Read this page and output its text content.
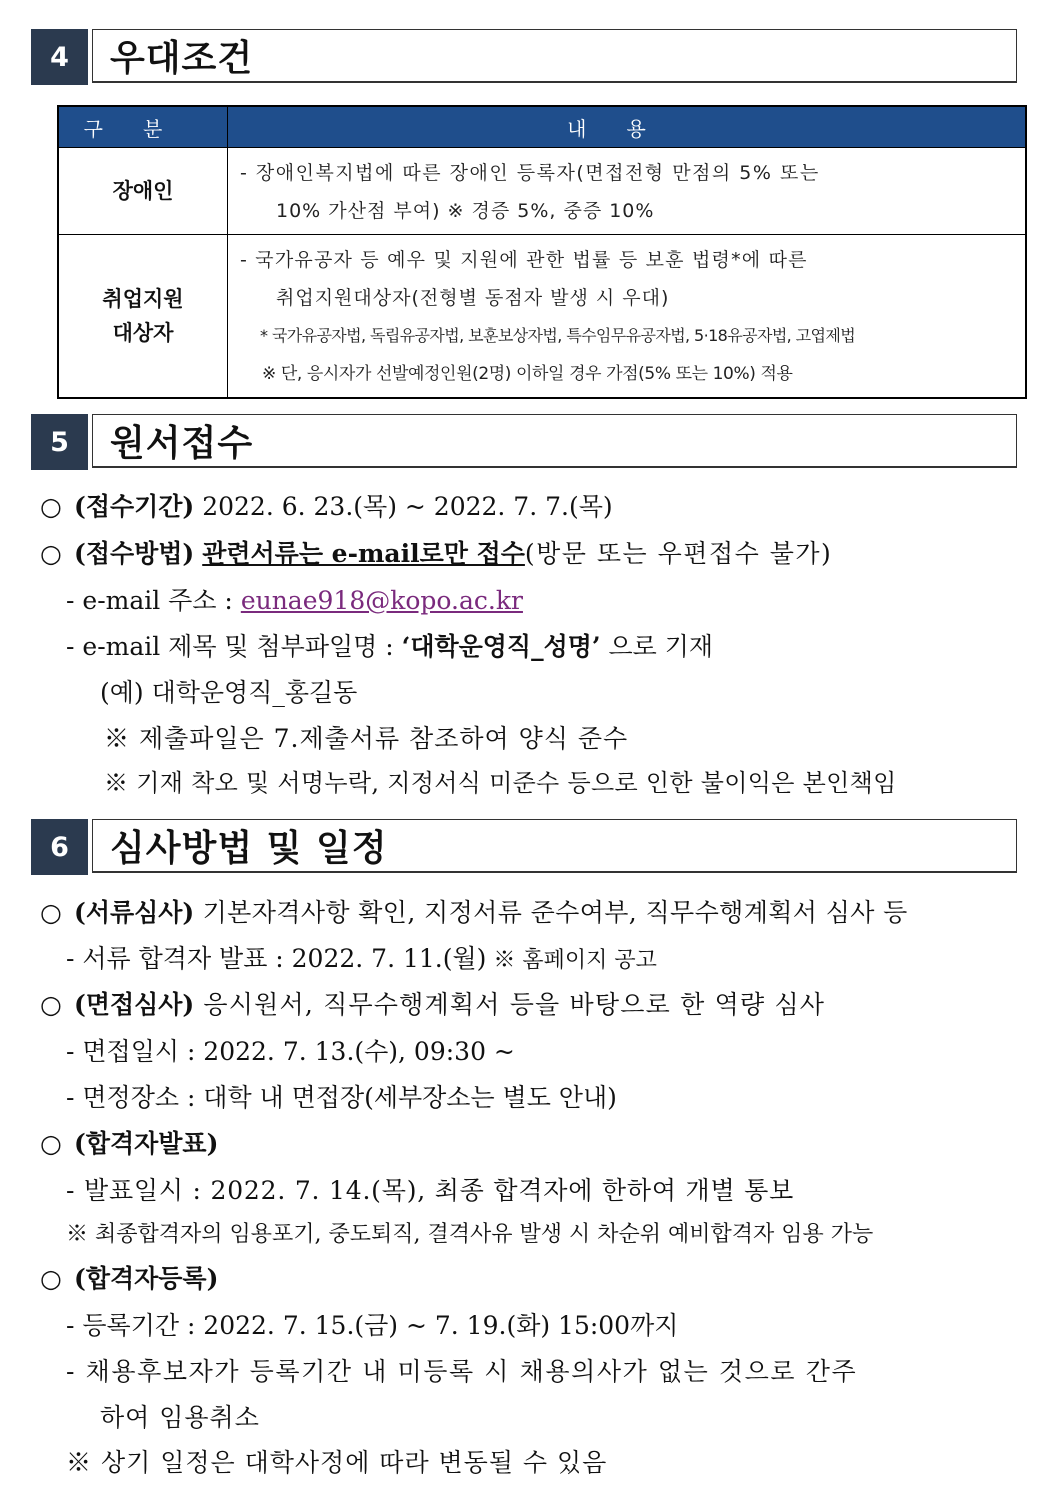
4	우대조건
구분	내용
장애인	- 장애인복지법에 따른 장애인 등록자(면접전형 만점의 5% 또는
10% 가산점 부여) ※ 경증 5%, 중증 10%

취업지원
대상자	- 국가유공자 등 예우 및 지원에 관한 법률 등 보훈 법령*에 따른
취업지원대상자(전형별 동점자 발생 시 우대)
* 국가유공자법, 독립유공자법, 보훈보상자법, 특수임무유공자법, 5·18유공자법, 고엽제법
※ 단, 응시자가 선발예정인원(2명) 이하일 경우 가점(5% 또는 10%) 적용
5	원서접수
○ (접수기간) 2022. 6. 23.(목) ~ 2022. 7. 7.(목)
○ (접수방법) 관련서류는 e-mail로만 접수(방문 또는 우편접수 불가)
- e-mail 주소 : eunae918@kopo.ac.kr
- e-mail 제목 및 첨부파일명 : ‘대학운영직_성명’ 으로 기재
(예) 대학운영직_홍길동
※ 제출파일은 7.제출서류 참조하여 양식 준수
※ 기재 착오 및 서명누락, 지정서식 미준수 등으로 인한 불이익은 본인책임
6	심사방법 및 일정
○ (서류심사) 기본자격사항 확인, 지정서류 준수여부, 직무수행계획서 심사 등
- 서류 합격자 발표 : 2022. 7. 11.(월) ※ 홈페이지 공고
○ (면접심사) 응시원서, 직무수행계획서 등을 바탕으로 한 역량 심사
- 면접일시 : 2022. 7. 13.(수), 09:30 ~
- 면정장소 : 대학 내 면접장(세부장소는 별도 안내)
○ (합격자발표)
- 발표일시 : 2022. 7. 14.(목), 최종 합격자에 한하여 개별 통보
※ 최종합격자의 임용포기, 중도퇴직, 결격사유 발생 시 차순위 예비합격자 임용 가능
○ (합격자등록)
- 등록기간 : 2022. 7. 15.(금) ~ 7. 19.(화) 15:00까지
- 채용후보자가 등록기간 내 미등록 시 채용의사가 없는 것으로 간주
하여 임용취소
※ 상기 일정은 대학사정에 따라 변동될 수 있음
